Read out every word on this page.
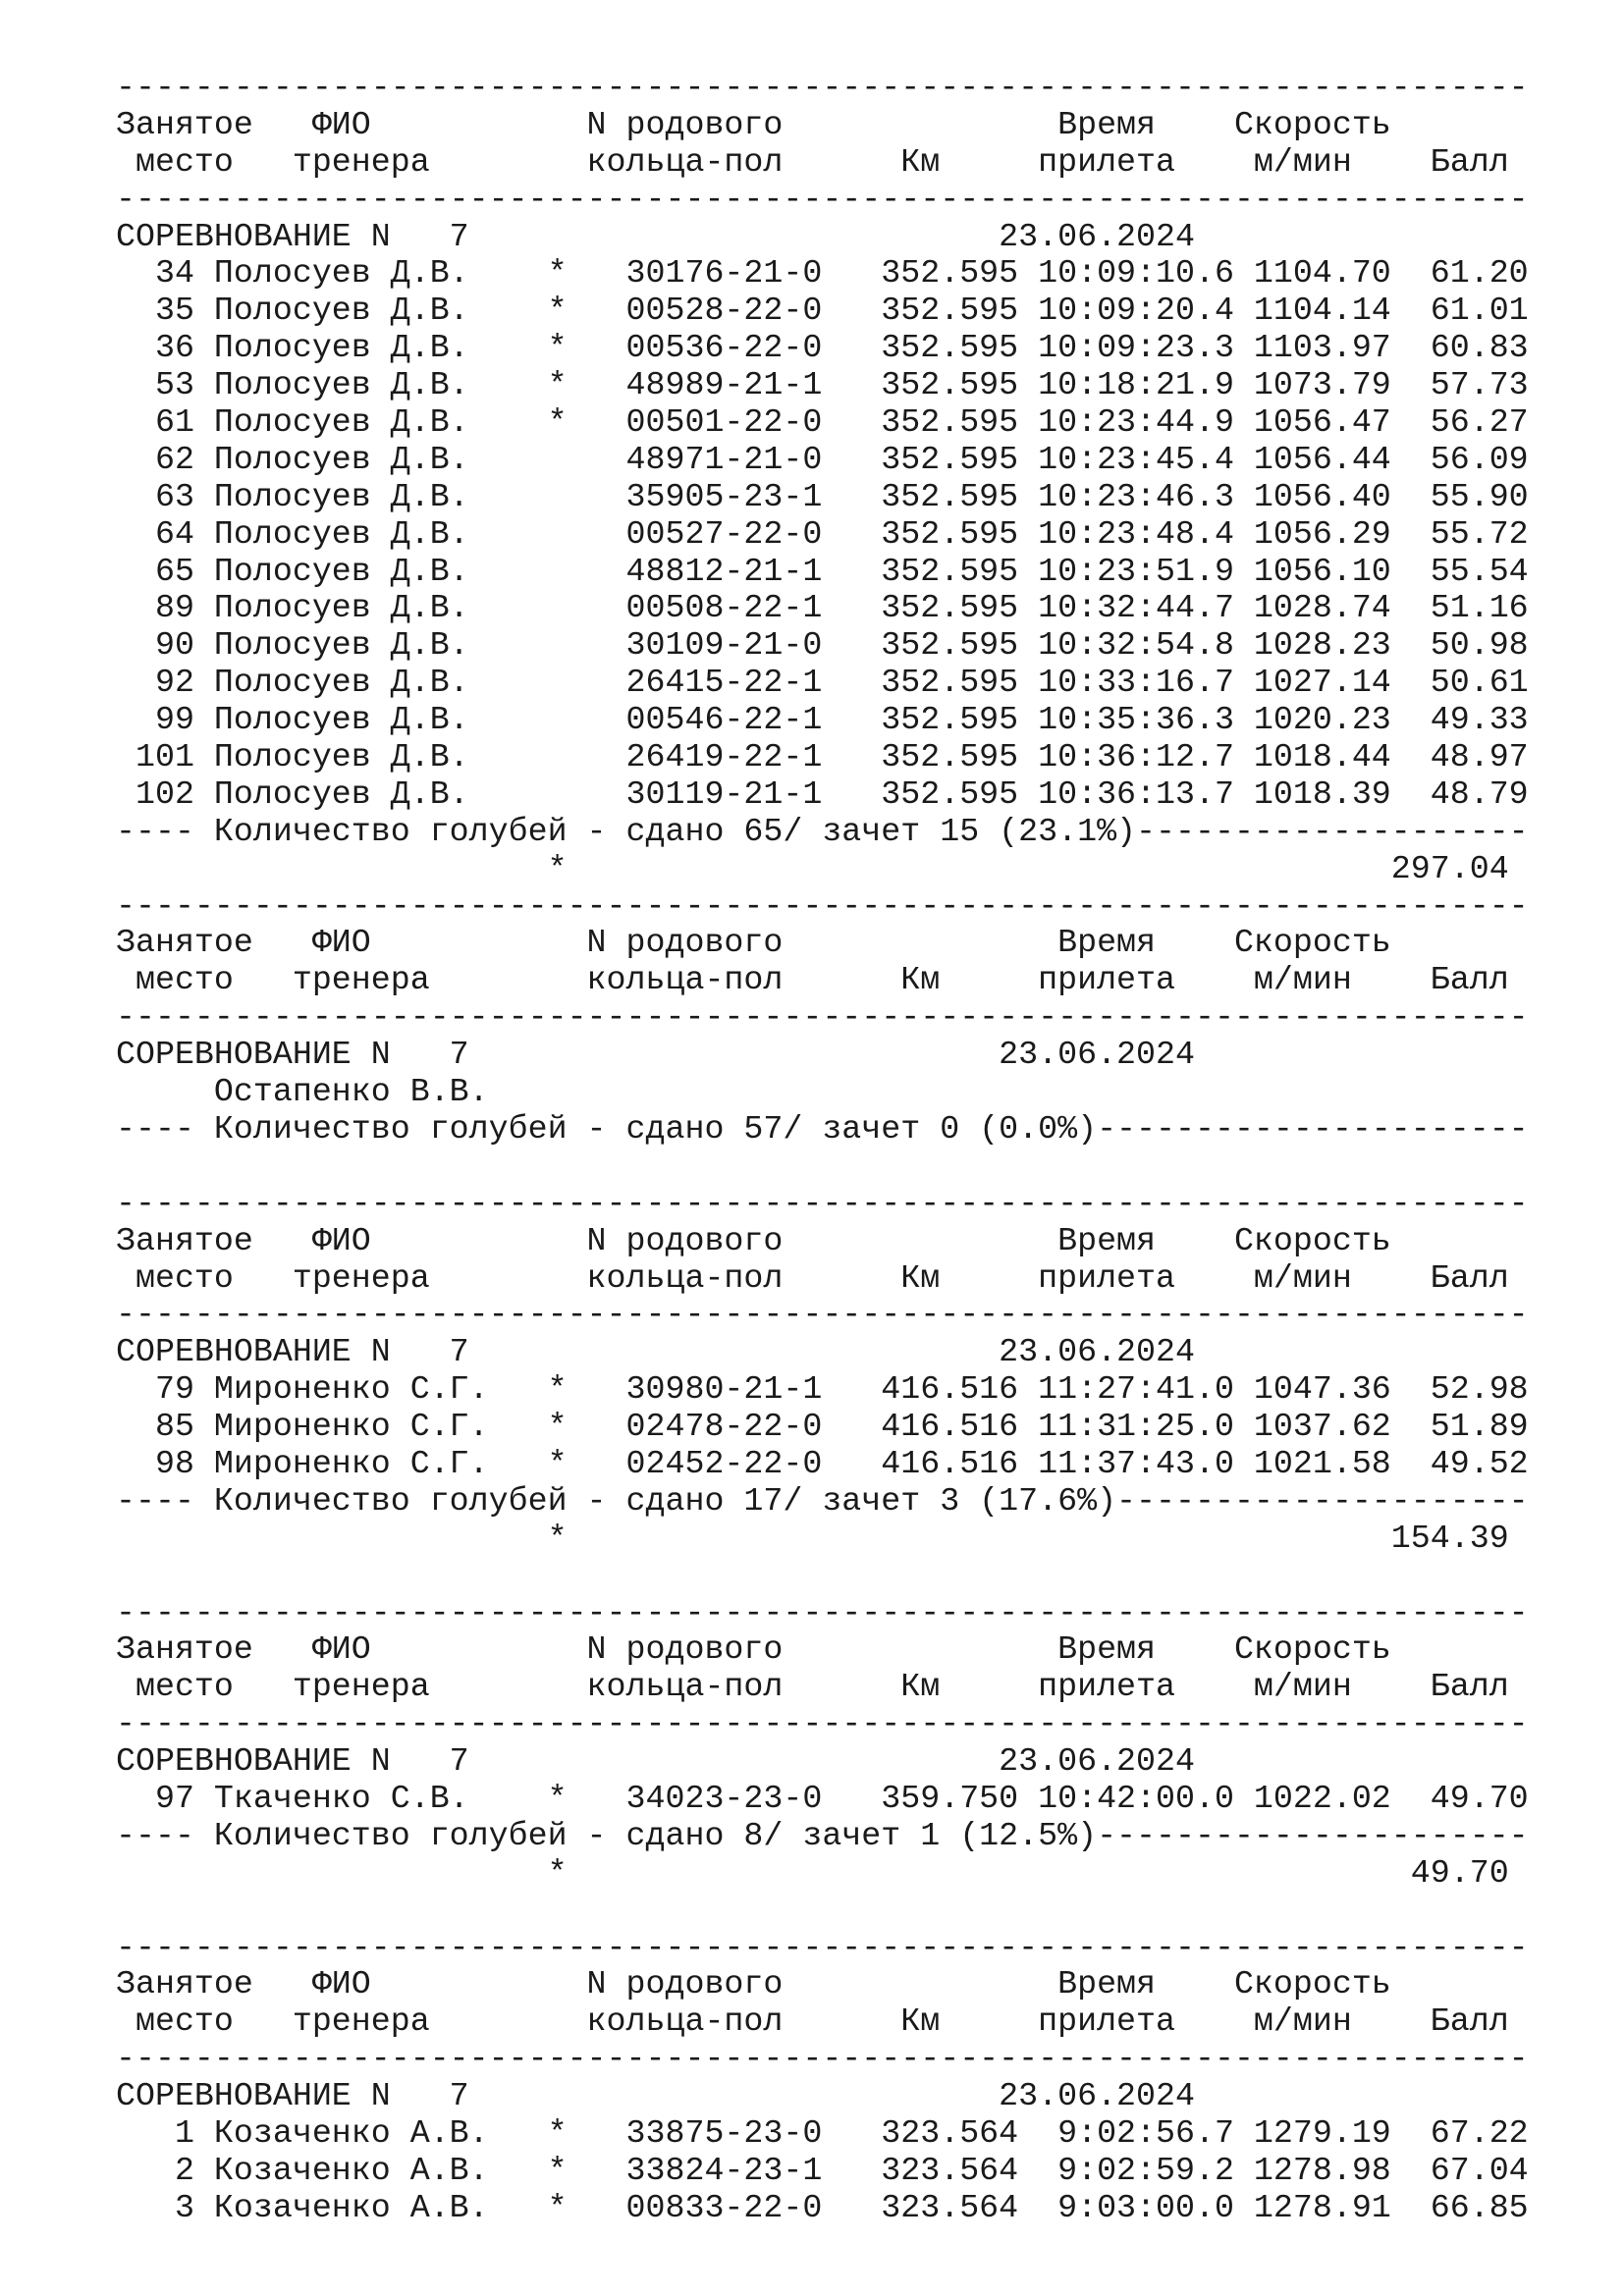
------------------------------------------------------------------------
Занятое   ФИО           N родового              Время    Скорость
место   тренера        кольца-пол      Км     прилета    м/мин    Балл
------------------------------------------------------------------------
СОРЕВНОВАНИЕ N   7                           23.06.2024
34 Полосуев Д.В.    *   30176-21-0   352.595 10:09:10.6 1104.70  61.20
35 Полосуев Д.В.    *   00528-22-0   352.595 10:09:20.4 1104.14  61.01
36 Полосуев Д.В.    *   00536-22-0   352.595 10:09:23.3 1103.97  60.83
53 Полосуев Д.В.    *   48989-21-1   352.595 10:18:21.9 1073.79  57.73
61 Полосуев Д.В.    *   00501-22-0   352.595 10:23:44.9 1056.47  56.27
62 Полосуев Д.В.        48971-21-0   352.595 10:23:45.4 1056.44  56.09
63 Полосуев Д.В.        35905-23-1   352.595 10:23:46.3 1056.40  55.90
64 Полосуев Д.В.        00527-22-0   352.595 10:23:48.4 1056.29  55.72
65 Полосуев Д.В.        48812-21-1   352.595 10:23:51.9 1056.10  55.54
89 Полосуев Д.В.        00508-22-1   352.595 10:32:44.7 1028.74  51.16
90 Полосуев Д.В.        30109-21-0   352.595 10:32:54.8 1028.23  50.98
92 Полосуев Д.В.        26415-22-1   352.595 10:33:16.7 1027.14  50.61
99 Полосуев Д.В.        00546-22-1   352.595 10:35:36.3 1020.23  49.33
101 Полосуев Д.В.        26419-22-1   352.595 10:36:12.7 1018.44  48.97
102 Полосуев Д.В.        30119-21-1   352.595 10:36:13.7 1018.39  48.79
---- Количество голубей - сдано 65/ зачет 15 (23.1%)--------------------
*                                          297.04
------------------------------------------------------------------------
Занятое   ФИО           N родового              Время    Скорость
место   тренера        кольца-пол      Км     прилета    м/мин    Балл
------------------------------------------------------------------------
СОРЕВНОВАНИЕ N   7                           23.06.2024
Остапенко В.В.
---- Количество голубей - сдано 57/ зачет 0 (0.0%)----------------------
------------------------------------------------------------------------
Занятое   ФИО           N родового              Время    Скорость
место   тренера        кольца-пол      Км     прилета    м/мин    Балл
------------------------------------------------------------------------
СОРЕВНОВАНИЕ N   7                           23.06.2024
79 Мироненко С.Г.   *   30980-21-1   416.516 11:27:41.0 1047.36  52.98
85 Мироненко С.Г.   *   02478-22-0   416.516 11:31:25.0 1037.62  51.89
98 Мироненко С.Г.   *   02452-22-0   416.516 11:37:43.0 1021.58  49.52
---- Количество голубей - сдано 17/ зачет 3 (17.6%)---------------------
*                                          154.39
------------------------------------------------------------------------
Занятое   ФИО           N родового              Время    Скорость
место   тренера        кольца-пол      Км     прилета    м/мин    Балл
------------------------------------------------------------------------
СОРЕВНОВАНИЕ N   7                           23.06.2024
97 Ткаченко С.В.    *   34023-23-0   359.750 10:42:00.0 1022.02  49.70
---- Количество голубей - сдано 8/ зачет 1 (12.5%)----------------------
*                                           49.70
------------------------------------------------------------------------
Занятое   ФИО           N родового              Время    Скорость
место   тренера        кольца-пол      Км     прилета    м/мин    Балл
------------------------------------------------------------------------
СОРЕВНОВАНИЕ N   7                           23.06.2024
1 Козаченко А.В.   *   33875-23-0   323.564  9:02:56.7 1279.19  67.22
2 Козаченко А.В.   *   33824-23-1   323.564  9:02:59.2 1278.98  67.04
3 Козаченко А.В.   *   00833-22-0   323.564  9:03:00.0 1278.91  66.85
